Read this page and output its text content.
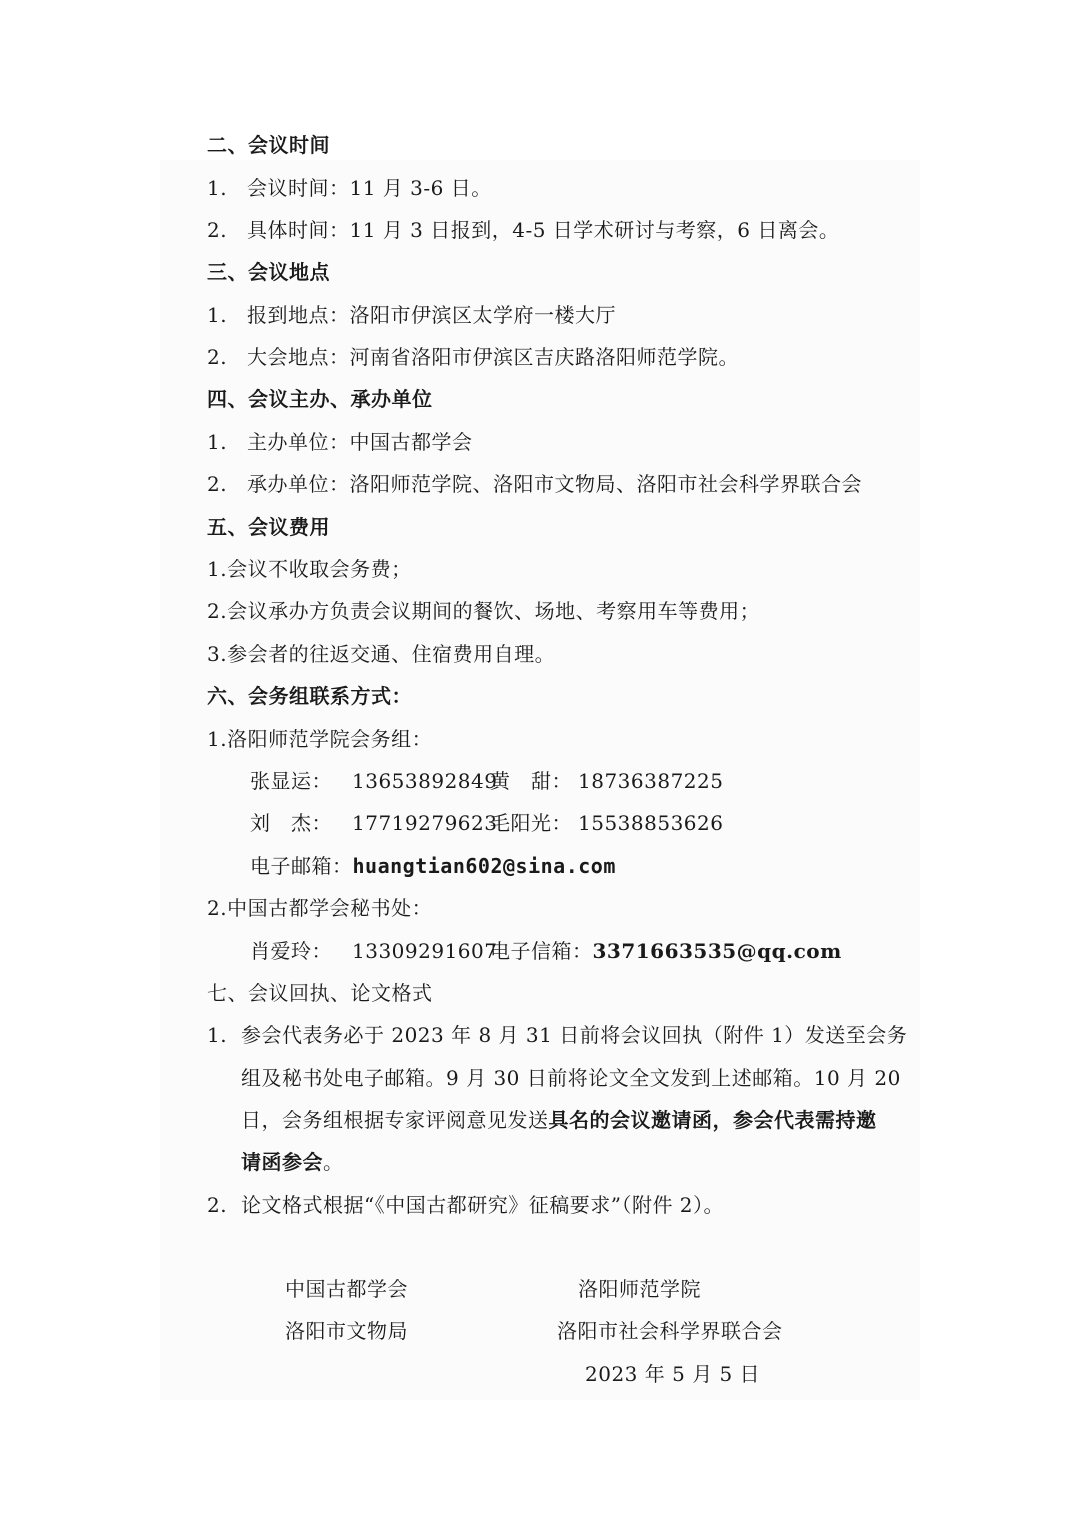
二、会议时间
1. 会议时间：11 月 3-6 日。
2. 具体时间：11 月 3 日报到，4-5 日学术研讨与考察，6 日离会。
三、会议地点
1. 报到地点：洛阳市伊滨区太学府一楼大厅
2. 大会地点：河南省洛阳市伊滨区吉庆路洛阳师范学院。
四、会议主办、承办单位
1. 主办单位：中国古都学会
2. 承办单位：洛阳师范学院、洛阳市文物局、洛阳市社会科学界联合会
五、会议费用
1.会议不收取会务费；
2.会议承办方负责会议期间的餐饮、场地、考察用车等费用；
3.参会者的往返交通、住宿费用自理。
六、会务组联系方式：
1.洛阳师范学院会务组：
张显运： 13653892849
黄　甜： 18736387225
刘　杰： 17719279623
毛阳光： 15538853626
电子邮箱：huangtian602@sina.com
2.中国古都学会秘书处：
肖爱玲： 13309291607
电子信箱：3371663535@qq.com
七、会议回执、论文格式
1. 参会代表务必于 2023 年 8 月 31 日前将会议回执（附件 1）发送至会务
组及秘书处电子邮箱。9 月 30 日前将论文全文发到上述邮箱。10 月 20
日，会务组根据专家评阅意见发送具名的会议邀请函，参会代表需持邀
请函参会。
2. 论文格式根据“《中国古都研究》征稿要求”（附件 2）。
中国古都学会	洛阳师范学院
洛阳市文物局	洛阳市社会科学界联合会
2023 年 5 月 5 日
